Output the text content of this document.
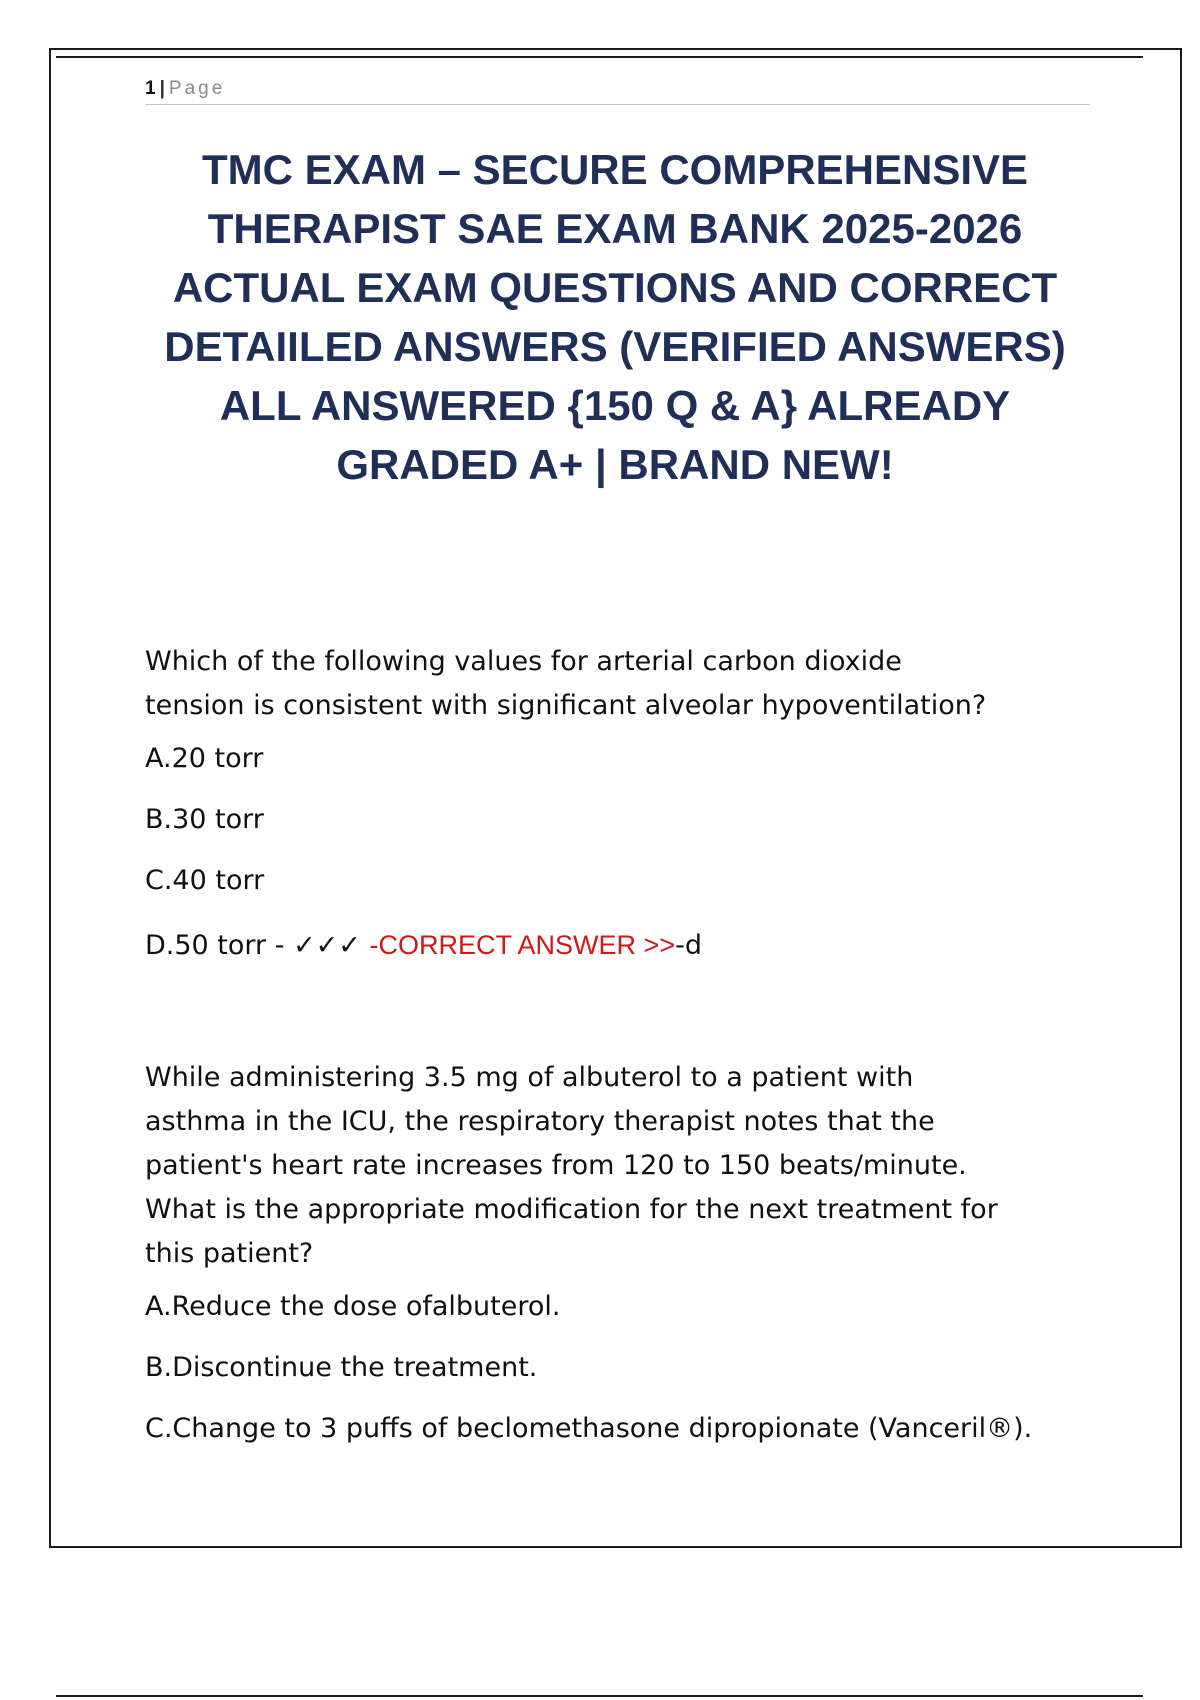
1 | Page
TMC EXAM – SECURE COMPREHENSIVE
THERAPIST SAE EXAM BANK 2025-2026
ACTUAL EXAM QUESTIONS AND CORRECT
DETAIILED ANSWERS (VERIFIED ANSWERS)
ALL ANSWERED {150 Q & A} ALREADY
GRADED A+ | BRAND NEW!

Which of the following values for arterial carbon dioxide
tension is consistent with significant alveolar hypoventilation?

A.20 torr
B.30 torr
C.40 torr
D.50 torr - ✓✓✓ -CORRECT ANSWER >>-d

While administering 3.5 mg of albuterol to a patient with
asthma in the ICU, the respiratory therapist notes that the
patient's heart rate increases from 120 to 150 beats/minute.
What is the appropriate modification for the next treatment for
this patient?

A.Reduce the dose ofalbuterol.
B.Discontinue the treatment.
C.Change to 3 puffs of beclomethasone dipropionate (Vanceril®).
